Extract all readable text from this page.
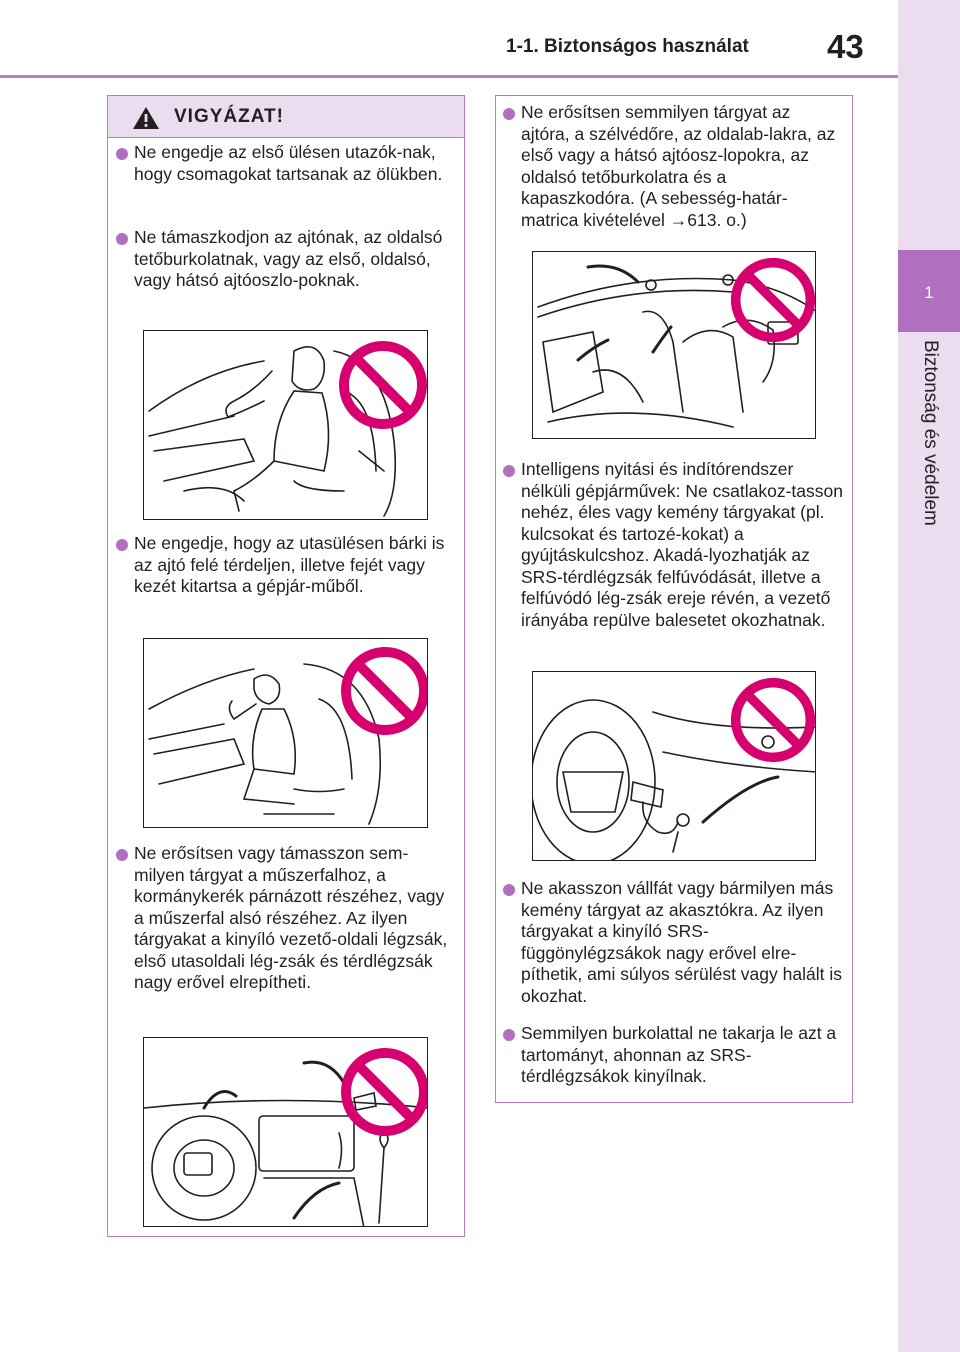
1-1. Biztonságos használat 43
1
Biztonság és védelem
VIGYÁZAT!
Ne engedje az első ülésen utazók-nak, hogy csomagokat tartsanak az ölükben.
Ne támaszkodjon az ajtónak, az oldalsó tetőburkolatnak, vagy az első, oldalsó, vagy hátsó ajtóoszlo-poknak.
Ne engedje, hogy az utasülésen bárki is az ajtó felé térdeljen, illetve fejét vagy kezét kitartsa a gépjár-műből.
Ne erősítsen vagy támasszon sem-milyen tárgyat a műszerfalhoz, a kormánykerék párnázott részéhez, vagy a műszerfal alsó részéhez. Az ilyen tárgyakat a kinyíló vezető-oldali légzsák, első utasoldali lég-zsák és térdlégzsák nagy erővel elrepítheti.
Ne erősítsen semmilyen tárgyat az ajtóra, a szélvédőre, az oldalab-lakra, az első vagy a hátsó ajtóosz-lopokra, az oldalsó tetőburkolatra és a kapaszkodóra. (A sebesség-határ-matrica kivételével →613. o.)
Intelligens nyitási és indítórendszer nélküli gépjárművek: Ne csatlakoz-tasson nehéz, éles vagy kemény tárgyakat (pl. kulcsokat és tartozé-kokat) a gyújtáskulcshoz. Akadá-lyozhatják az SRS-térdlégzsák felfúvódását, illetve a felfúvódó lég-zsák ereje révén, a vezető irányába repülve balesetet okozhatnak.
Ne akasszon vállfát vagy bármilyen más kemény tárgyat az akasztókra. Az ilyen tárgyakat a kinyíló SRS-függönylégzsákok nagy erővel elre-píthetik, ami súlyos sérülést vagy halált is okozhat.
Semmilyen burkolattal ne takarja le azt a tartományt, ahonnan az SRS-térdlégzsákok kinyílnak.
